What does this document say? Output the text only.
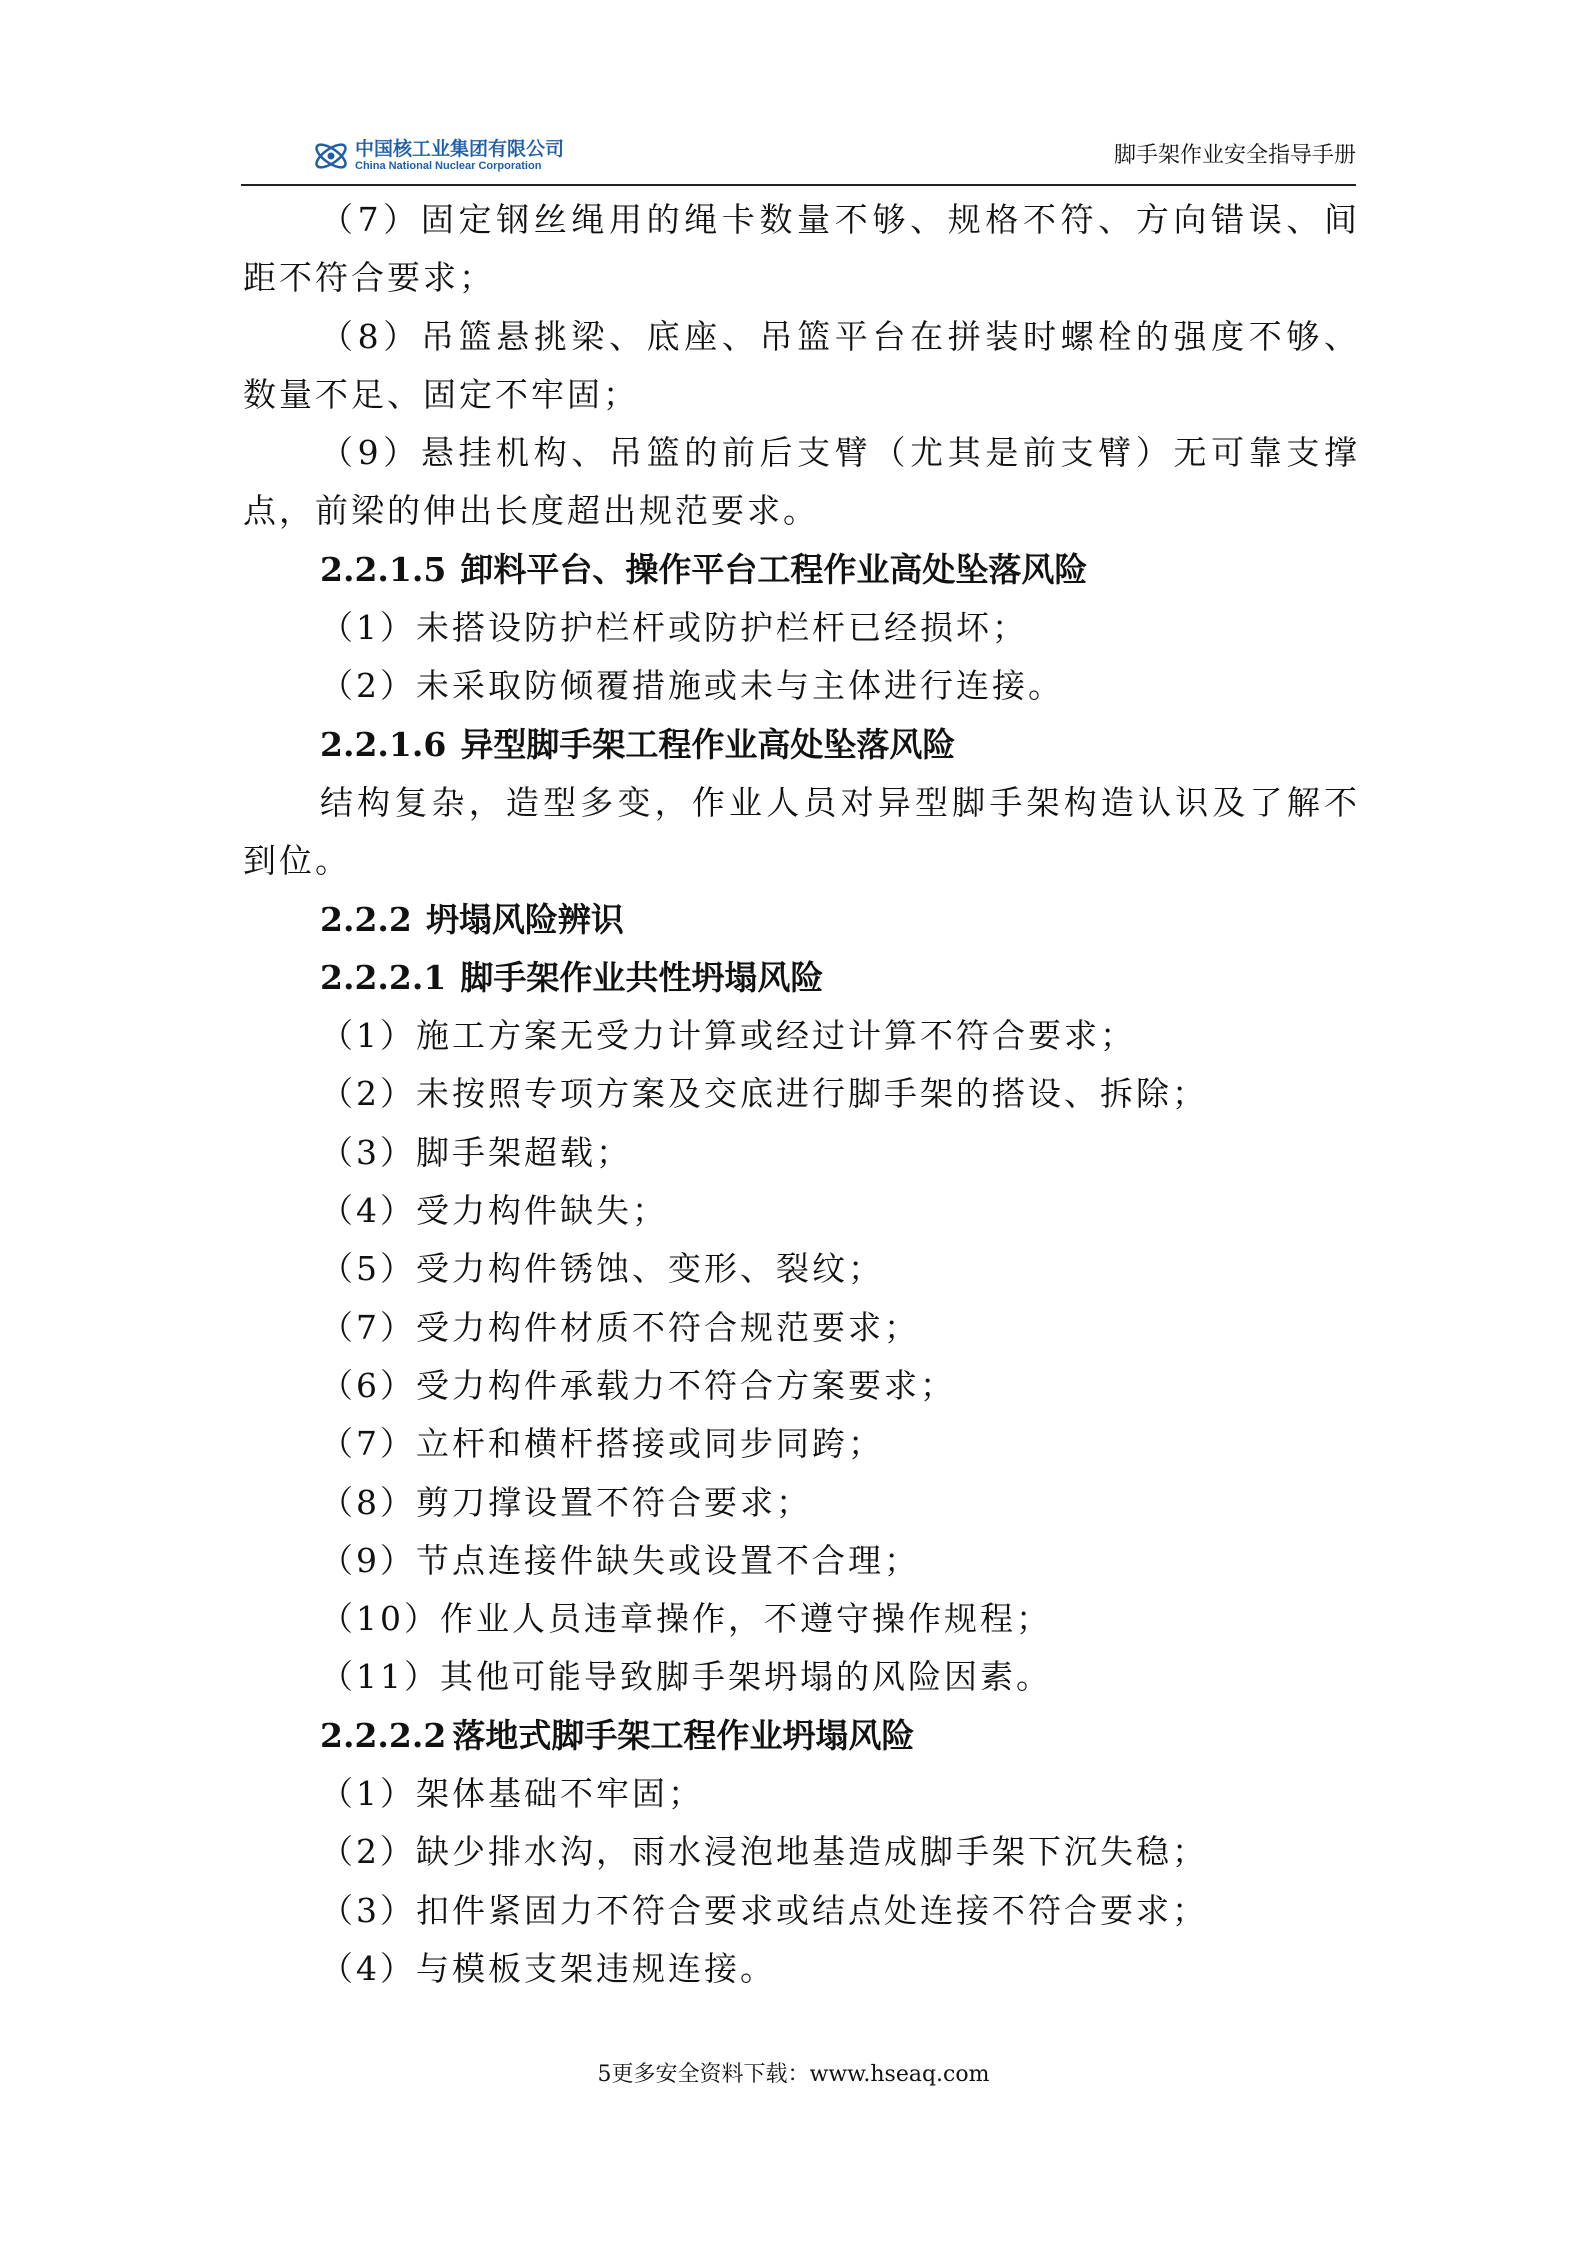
中国核工业集团有限公司
China National Nuclear Corporation	脚手架作业安全指导手册
（7）固定钢丝绳用的绳卡数量不够、规格不符、方向错误、间
距不符合要求；
（8）吊篮悬挑梁、底座、吊篮平台在拼装时螺栓的强度不够、
数量不足、固定不牢固；
（9）悬挂机构、吊篮的前后支臂（尤其是前支臂）无可靠支撑
点，前梁的伸出长度超出规范要求。
2.2.1.5 卸料平台、操作平台工程作业高处坠落风险
（1）未搭设防护栏杆或防护栏杆已经损坏；
（2）未采取防倾覆措施或未与主体进行连接。
2.2.1.6 异型脚手架工程作业高处坠落风险
结构复杂，造型多变，作业人员对异型脚手架构造认识及了解不
到位。
2.2.2 坍塌风险辨识
2.2.2.1 脚手架作业共性坍塌风险
（1）施工方案无受力计算或经过计算不符合要求；
（2）未按照专项方案及交底进行脚手架的搭设、拆除；
（3）脚手架超载；
（4）受力构件缺失；
（5）受力构件锈蚀、变形、裂纹；
（7）受力构件材质不符合规范要求；
（6）受力构件承载力不符合方案要求；
（7）立杆和横杆搭接或同步同跨；
（8）剪刀撑设置不符合要求；
（9）节点连接件缺失或设置不合理；
（10）作业人员违章操作，不遵守操作规程；
（11）其他可能导致脚手架坍塌的风险因素。
2.2.2.2 落地式脚手架工程作业坍塌风险
（1）架体基础不牢固；
（2）缺少排水沟，雨水浸泡地基造成脚手架下沉失稳；
（3）扣件紧固力不符合要求或结点处连接不符合要求；
（4）与模板支架违规连接。
5更多安全资料下载：www.hseaq.com
